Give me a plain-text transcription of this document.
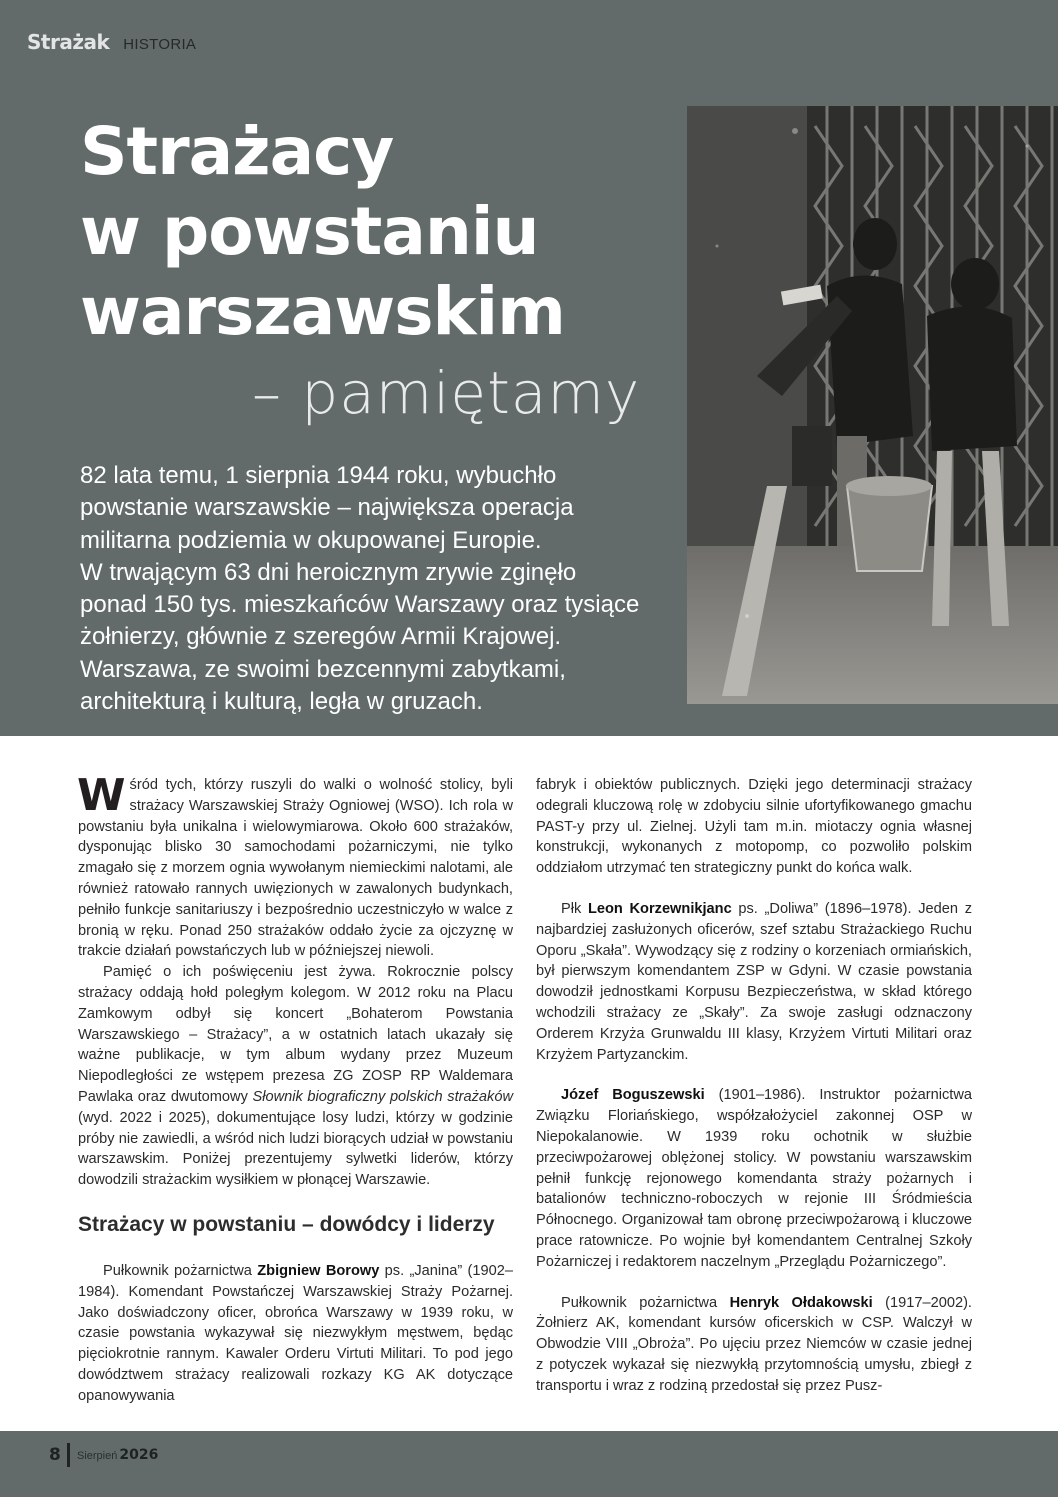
Strażak HISTORIA
Strażacy
w powstaniu
warszawskim
– pamiętamy
82 lata temu, 1 sierpnia 1944 roku, wybuchło
powstanie warszawskie – największa operacja
militarna podziemia w okupowanej Europie.
W trwającym 63 dni heroicznym zrywie zginęło
ponad 150 tys. mieszkańców Warszawy oraz tysiące
żołnierzy, głównie z szeregów Armii Krajowej.
Warszawa, ze swoimi bezcennymi zabytkami,
architekturą i kulturą, legła w gruzach.

Wśród tych, którzy ruszyli do walki o wolność stolicy, byli strażacy Warszawskiej Straży Ogniowej (WSO). Ich rola w powstaniu była unikalna i wielowymiarowa. Około 600 strażaków, dysponując blisko 30 samochodami pożarniczymi, nie tylko zmagało się z morzem ognia wywołanym niemieckimi nalotami, ale również ratowało rannych uwięzionych w zawalonych budynkach, pełniło funkcje sanitariuszy i bezpośrednio uczestniczyło w walce z bronią w ręku. Ponad 250 strażaków oddało życie za ojczyznę w trakcie działań powstańczych lub w późniejszej niewoli.

Pamięć o ich poświęceniu jest żywa. Rokrocznie polscy strażacy oddają hołd poległym kolegom. W 2012 roku na Placu Zamkowym odbył się koncert „Bohaterom Powstania Warszawskiego – Strażacy”, a w ostatnich latach ukazały się ważne publikacje, w tym album wydany przez Muzeum Niepodległości ze wstępem prezesa ZG ZOSP RP Waldemara Pawlaka oraz dwutomowy Słownik biograficzny polskich strażaków (wyd. 2022 i 2025), dokumentujące losy ludzi, którzy w godzinie próby nie zawiedli, a wśród nich ludzi biorących udział w powstaniu warszawskim. Poniżej prezentujemy sylwetki liderów, którzy dowodzili strażackim wysiłkiem w płonącej Warszawie.

Strażacy w powstaniu – dowódcy i liderzy

Pułkownik pożarnictwa Zbigniew Borowy ps. „Janina” (1902–1984). Komendant Powstańczej Warszawskiej Straży Pożarnej. Jako doświadczony oficer, obrońca Warszawy w 1939 roku, w czasie powstania wykazywał się niezwykłym męstwem, będąc pięciokrotnie rannym. Kawaler Orderu Virtuti Militari. To pod jego dowództwem strażacy realizowali rozkazy KG AK dotyczące opanowywania

fabryk i obiektów publicznych. Dzięki jego determinacji strażacy odegrali kluczową rolę w zdobyciu silnie ufortyfikowanego gmachu PAST-y przy ul. Zielnej. Użyli tam m.in. miotaczy ognia własnej konstrukcji, wykonanych z motopomp, co pozwoliło polskim oddziałom utrzymać ten strategiczny punkt do końca walk.

Płk Leon Korzewnikjanc ps. „Doliwa” (1896–1978). Jeden z najbardziej zasłużonych oficerów, szef sztabu Strażackiego Ruchu Oporu „Skała”. Wywodzący się z rodziny o korzeniach ormiańskich, był pierwszym komendantem ZSP w Gdyni. W czasie powstania dowodził jednostkami Korpusu Bezpieczeństwa, w skład którego wchodzili strażacy ze „Skały”. Za swoje zasługi odznaczony Orderem Krzyża Grunwaldu III klasy, Krzyżem Virtuti Militari oraz Krzyżem Partyzanckim.

Józef Boguszewski (1901–1986). Instruktor pożarnictwa Związku Floriańskiego, współzałożyciel zakonnej OSP w Niepokalanowie. W 1939 roku ochotnik w służbie przeciwpożarowej oblężonej stolicy. W powstaniu warszawskim pełnił funkcję rejonowego komendanta straży pożarnych i batalionów techniczno-roboczych w rejonie III Śródmieścia Północnego. Organizował tam obronę przeciwpożarową i kluczowe prace ratownicze. Po wojnie był komendantem Centralnej Szkoły Pożarniczej i redaktorem naczelnym „Przeglądu Pożarniczego”.

Pułkownik pożarnictwa Henryk Ołdakowski (1917–2002). Żołnierz AK, komendant kursów oficerskich w CSP. Walczył w Obwodzie VIII „Obroża”. Po ujęciu przez Niemców w czasie jednej z potyczek wykazał się niezwykłą przytomnością umysłu, zbiegł z transportu i wraz z rodziną przedostał się przez Pusz-

8 Sierpień 2026
